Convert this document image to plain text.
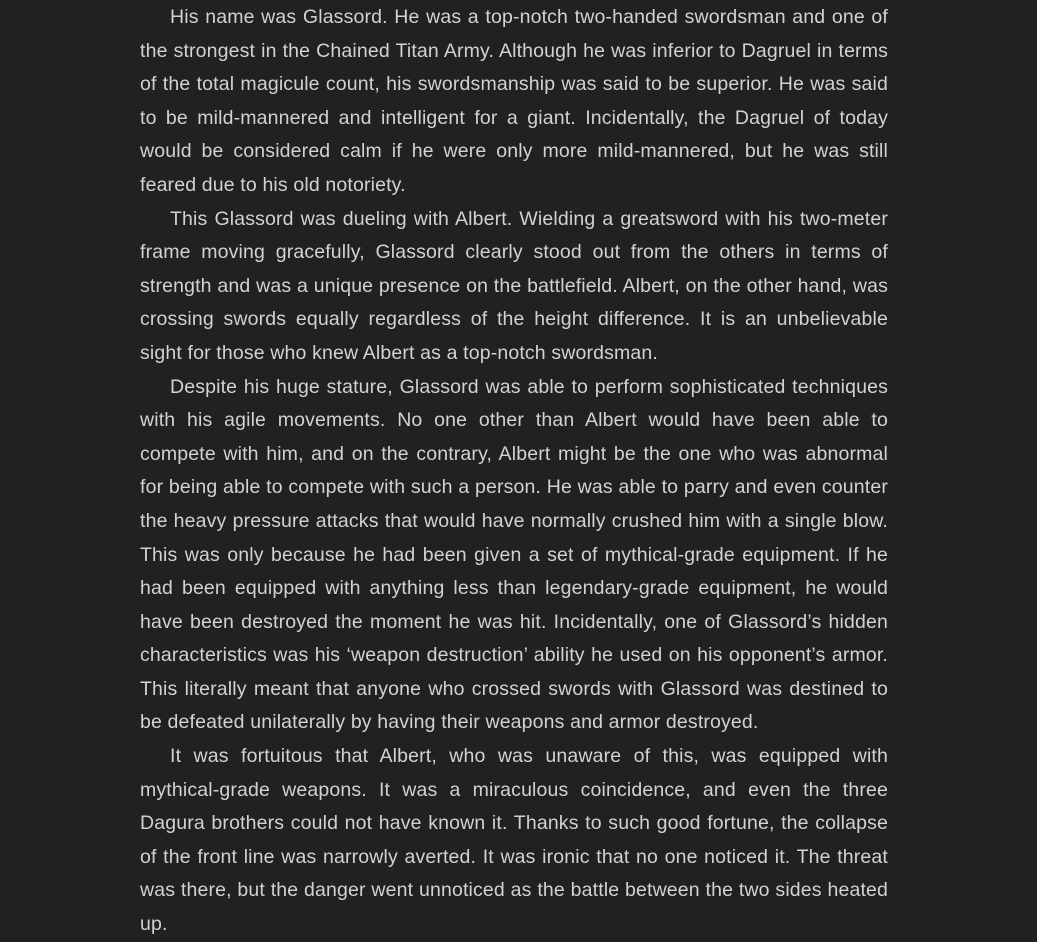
His name was Glassord. He was a top-notch two-handed swordsman and one of the strongest in the Chained Titan Army. Although he was inferior to Dagruel in terms of the total magicule count, his swordsmanship was said to be superior. He was said to be mild-mannered and intelligent for a giant. Incidentally, the Dagruel of today would be considered calm if he were only more mild-mannered, but he was still feared due to his old notoriety.

This Glassord was dueling with Albert. Wielding a greatsword with his two-meter frame moving gracefully, Glassord clearly stood out from the others in terms of strength and was a unique presence on the battlefield. Albert, on the other hand, was crossing swords equally regardless of the height difference. It is an unbelievable sight for those who knew Albert as a top-notch swordsman.

Despite his huge stature, Glassord was able to perform sophisticated techniques with his agile movements. No one other than Albert would have been able to compete with him, and on the contrary, Albert might be the one who was abnormal for being able to compete with such a person. He was able to parry and even counter the heavy pressure attacks that would have normally crushed him with a single blow. This was only because he had been given a set of mythical-grade equipment. If he had been equipped with anything less than legendary-grade equipment, he would have been destroyed the moment he was hit. Incidentally, one of Glassord’s hidden characteristics was his ‘weapon destruction’ ability he used on his opponent’s armor. This literally meant that anyone who crossed swords with Glassord was destined to be defeated unilaterally by having their weapons and armor destroyed.

It was fortuitous that Albert, who was unaware of this, was equipped with mythical-grade weapons. It was a miraculous coincidence, and even the three Dagura brothers could not have known it. Thanks to such good fortune, the collapse of the front line was narrowly averted. It was ironic that no one noticed it. The threat was there, but the danger went unnoticed as the battle between the two sides heated up.
